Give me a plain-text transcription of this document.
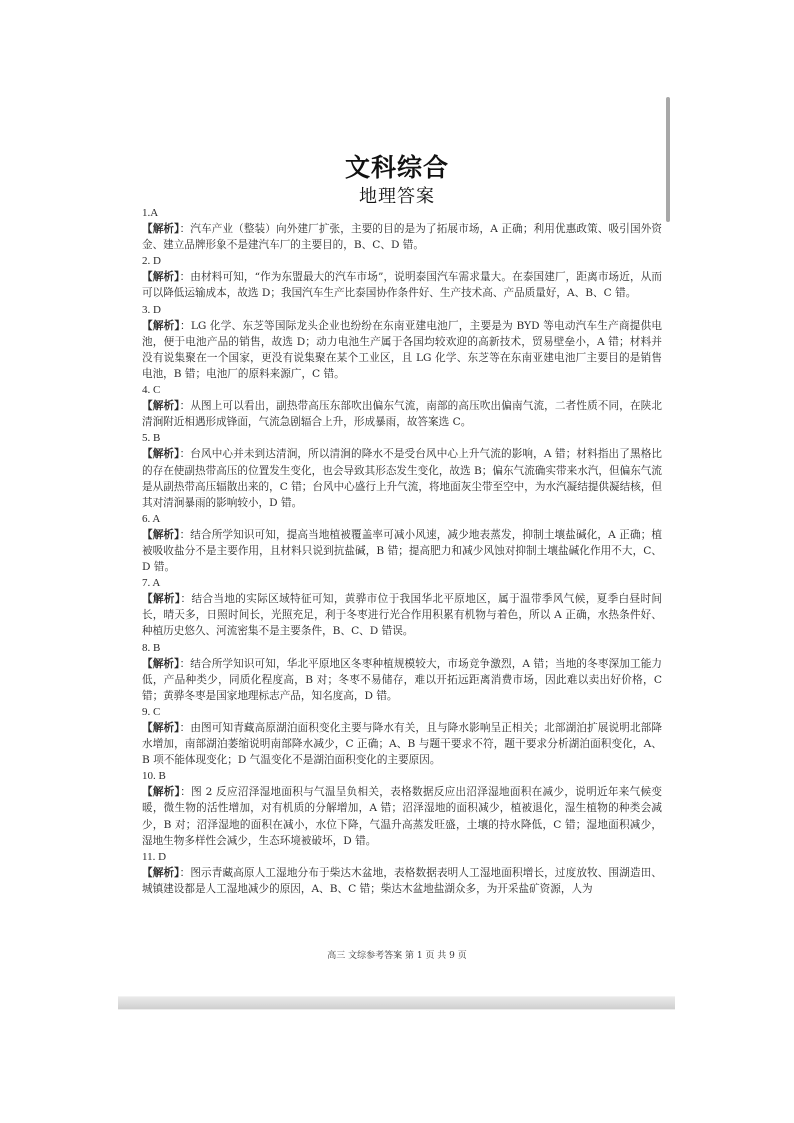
文科综合
地理答案
1.A
【解析】：汽车产业（整装）向外建厂扩张，主要的目的是为了拓展市场，A 正确；利用优惠政策、吸引国外资金、建立品牌形象不是建汽车厂的主要目的，B、C、D 错。
2. D
【解析】：由材料可知，“作为东盟最大的汽车市场”，说明泰国汽车需求量大。在泰国建厂，距离市场近，从而可以降低运输成本，故选 D；我国汽车生产比泰国协作条件好、生产技术高、产品质量好，A、B、C 错。
3. D
【解析】：LG 化学、东芝等国际龙头企业也纷纷在东南亚建电池厂，主要是为 BYD 等电动汽车生产商提供电池，便于电池产品的销售，故选 D；动力电池生产属于各国均较欢迎的高新技术，贸易壁垒小，A 错；材料并没有说集聚在一个国家，更没有说集聚在某个工业区，且 LG 化学、东芝等在东南亚建电池厂主要目的是销售电池，B 错；电池厂的原料来源广，C 错。
4. C
【解析】：从图上可以看出，副热带高压东部吹出偏东气流，南部的高压吹出偏南气流，二者性质不同，在陕北清涧附近相遇形成锋面，气流急剧辐合上升，形成暴雨，故答案选 C。
5. B
【解析】：台风中心并未到达清涧，所以清涧的降水不是受台风中心上升气流的影响，A 错；材料指出了黑格比的存在使副热带高压的位置发生变化，也会导致其形态发生变化，故选 B；偏东气流确实带来水汽，但偏东气流是从副热带高压辐散出来的，C 错；台风中心盛行上升气流，将地面灰尘带至空中，为水汽凝结提供凝结核，但其对清涧暴雨的影响较小，D 错。
6. A
【解析】：结合所学知识可知，提高当地植被覆盖率可减小风速，减少地表蒸发，抑制土壤盐碱化，A 正确；植被吸收盐分不是主要作用，且材料只说到抗盐碱，B 错；提高肥力和减少风蚀对抑制土壤盐碱化作用不大，C、D 错。
7. A
【解析】：结合当地的实际区域特征可知，黄骅市位于我国华北平原地区，属于温带季风气候，夏季白昼时间长，晴天多，日照时间长，光照充足，利于冬枣进行光合作用积累有机物与着色，所以 A 正确，水热条件好、种植历史悠久、河流密集不是主要条件，B、C、D 错误。
8. B
【解析】：结合所学知识可知，华北平原地区冬枣种植规模较大，市场竞争激烈，A 错；当地的冬枣深加工能力低，产品种类少，同质化程度高，B 对；冬枣不易储存，难以开拓远距离消费市场，因此难以卖出好价格，C 错；黄骅冬枣是国家地理标志产品，知名度高，D 错。
9. C
【解析】：由图可知青藏高原湖泊面积变化主要与降水有关，且与降水影响呈正相关；北部湖泊扩展说明北部降水增加，南部湖泊萎缩说明南部降水减少，C 正确；A、B 与题干要求不符，题干要求分析湖泊面积变化，A、B 项不能体现变化；D 气温变化不是湖泊面积变化的主要原因。
10. B
【解析】：图 2 反应沼泽湿地面积与气温呈负相关，表格数据反应出沼泽湿地面积在减少，说明近年来气候变暖，微生物的活性增加，对有机质的分解增加，A 错；沼泽湿地的面积减少，植被退化，湿生植物的种类会减少，B 对；沼泽湿地的面积在减小，水位下降，气温升高蒸发旺盛，土壤的持水降低，C 错；湿地面积减少，湿地生物多样性会减少，生态环境被破坏，D 错。
11. D
【解析】：图示青藏高原人工湿地分布于柴达木盆地，表格数据表明人工湿地面积增长，过度放牧、围湖造田、城镇建设都是人工湿地减少的原因，A、B、C 错；柴达木盆地盐湖众多，为开采盐矿资源，人为
高三 文综参考答案 第 1 页 共 9 页
